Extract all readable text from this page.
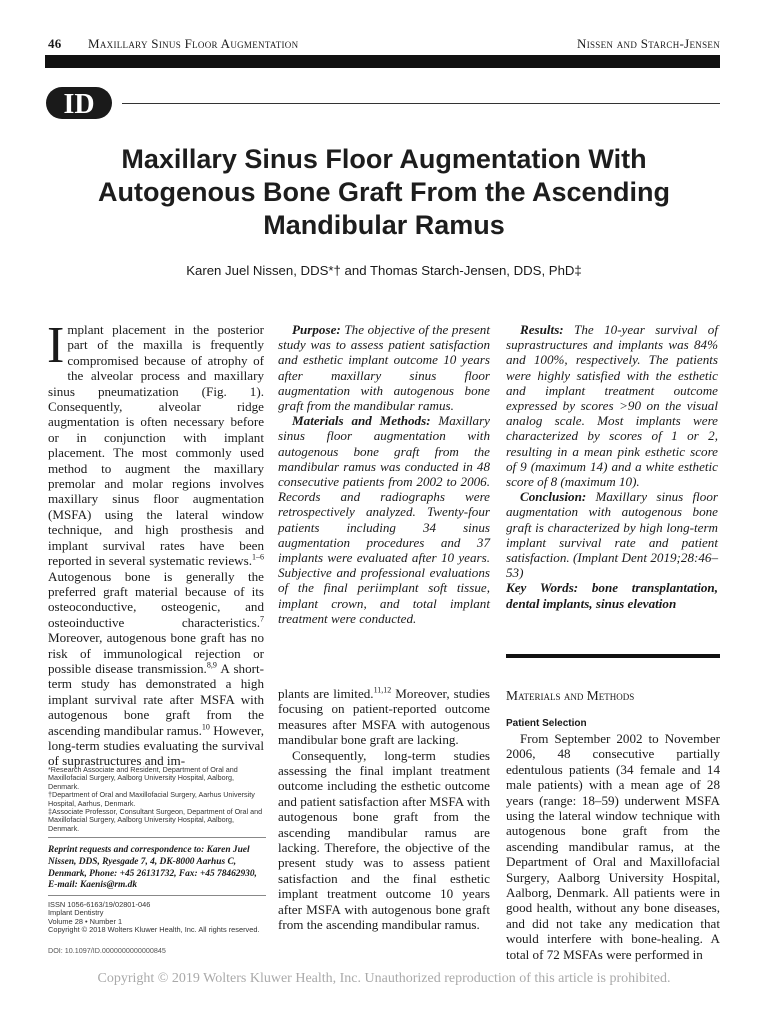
46 Maxillary Sinus Floor Augmentation	Nissen and Starch-Jensen
ID
Maxillary Sinus Floor Augmentation With Autogenous Bone Graft From the Ascending Mandibular Ramus
Karen Juel Nissen, DDS*† and Thomas Starch-Jensen, DDS, PhD‡

Implant placement in the posterior part of the maxilla is frequently compromised because of atrophy of the alveolar process and maxillary sinus pneumatization (Fig. 1). Consequently, alveolar ridge augmentation is often necessary before or in conjunction with implant placement. The most commonly used method to augment the maxillary premolar and molar regions involves maxillary sinus floor augmentation (MSFA) using the lateral window technique, and high prosthesis and implant survival rates have been reported in several systematic reviews.$^{1-6}$ Autogenous bone is generally the preferred graft material because of its osteoconductive, osteogenic, and osteoinductive characteristics.$^7$ Moreover, autogenous bone graft has no risk of immunological rejection or possible disease transmission.$^{8,9}$ A short-term study has demonstrated a high implant survival rate after MSFA with autogenous bone graft from the ascending mandibular ramus.$^{10}$ However, long-term studies evaluating the survival of suprastructures and im-

Purpose: The objective of the present study was to assess patient satisfaction and esthetic implant outcome 10 years after maxillary sinus floor augmentation with autogenous bone graft from the mandibular ramus.

Materials and Methods: Maxillary sinus floor augmentation with autogenous bone graft from the mandibular ramus was conducted in 48 consecutive patients from 2002 to 2006. Records and radiographs were retrospectively analyzed. Twenty-four patients including 34 sinus augmentation procedures and 37 implants were evaluated after 10 years. Subjective and professional evaluations of the final periimplant soft tissue, implant crown, and total implant treatment were conducted.

Results: The 10-year survival of suprastructures and implants was 84% and 100%, respectively. The patients were highly satisfied with the esthetic and implant treatment outcome expressed by scores >90 on the visual analog scale. Most implants were characterized by scores of 1 or 2, resulting in a mean pink esthetic score of 9 (maximum 14) and a white esthetic score of 8 (maximum 10).

Conclusion: Maxillary sinus floor augmentation with autogenous bone graft is characterized by high long-term implant survival rate and patient satisfaction. (Implant Dent 2019;28:46–53)

Key Words: bone transplantation, dental implants, sinus elevation

plants are limited.$^{11,12}$ Moreover, studies focusing on patient-reported outcome measures after MSFA with autogenous mandibular bone graft are lacking.

Consequently, long-term studies assessing the final implant treatment outcome including the esthetic outcome and patient satisfaction after MSFA with autogenous bone graft from the ascending mandibular ramus are lacking. Therefore, the objective of the present study was to assess patient satisfaction and the final esthetic implant treatment outcome 10 years after MSFA with autogenous bone graft from the ascending mandibular ramus.

Materials and Methods
Patient Selection

From September 2002 to November 2006, 48 consecutive partially edentulous patients (34 female and 14 male patients) with a mean age of 28 years (range: 18–59) underwent MSFA using the lateral window technique with autogenous bone graft from the ascending mandibular ramus, at the Department of Oral and Maxillofacial Surgery, Aalborg University Hospital, Aalborg, Denmark. All patients were in good health, without any bone diseases, and did not take any medication that would interfere with bone-healing. A total of 72 MSFAs were performed in

*Research Associate and Resident, Department of Oral and Maxillofacial Surgery, Aalborg University Hospital, Aalborg, Denmark.

†Department of Oral and Maxillofacial Surgery, Aarhus University Hospital, Aarhus, Denmark.

‡Associate Professor, Consultant Surgeon, Department of Oral and Maxillofacial Surgery, Aalborg University Hospital, Aalborg, Denmark.

Reprint requests and correspondence to: Karen Juel Nissen, DDS, Ryesgade 7, 4, DK-8000 Aarhus C, Denmark, Phone: +45 26131732, Fax: +45 78462930, E-mail: Kaenis@rm.dk
ISSN 1056-6163/19/02801-046
Implant Dentistry
Volume 28 • Number 1
Copyright © 2018 Wolters Kluwer Health, Inc. All rights reserved.
DOI: 10.1097/ID.0000000000000845
Copyright © 2019 Wolters Kluwer Health, Inc. Unauthorized reproduction of this article is prohibited.
